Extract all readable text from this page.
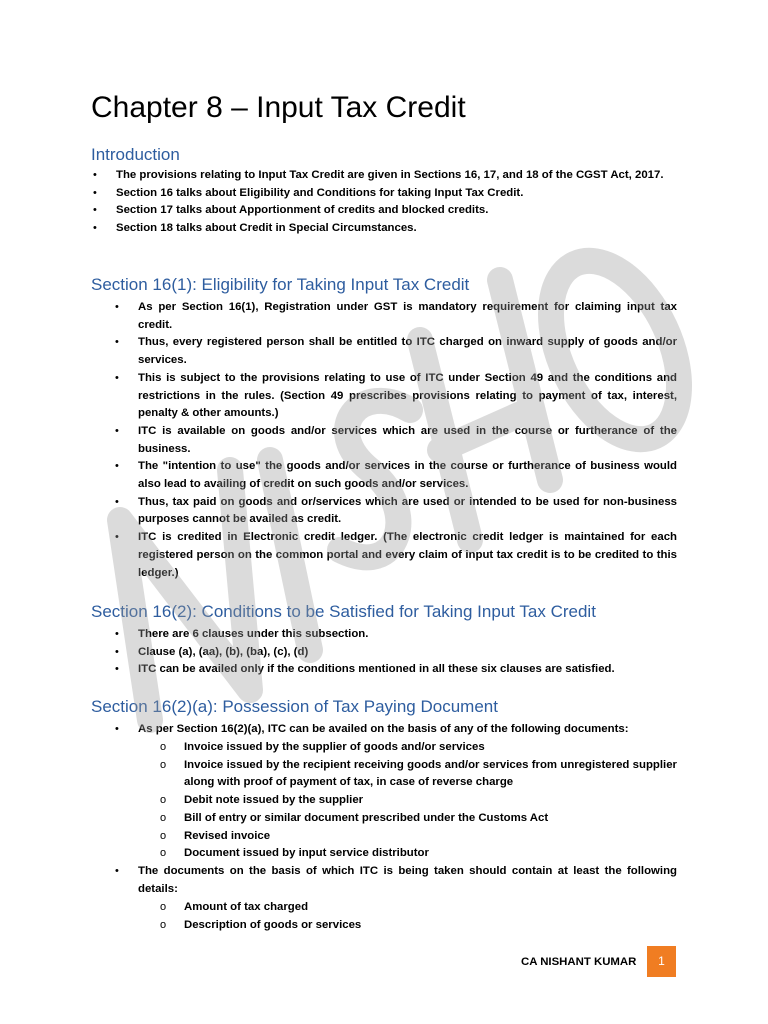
Chapter 8 – Input Tax Credit
Introduction
• The provisions relating to Input Tax Credit are given in Sections 16, 17, and 18 of the CGST Act, 2017.
• Section 16 talks about Eligibility and Conditions for taking Input Tax Credit.
• Section 17 talks about Apportionment of credits and blocked credits.
• Section 18 talks about Credit in Special Circumstances.
Section 16(1): Eligibility for Taking Input Tax Credit
• As per Section 16(1), Registration under GST is mandatory requirement for claiming input tax credit.
• Thus, every registered person shall be entitled to ITC charged on inward supply of goods and/or services.
• This is subject to the provisions relating to use of ITC under Section 49 and the conditions and restrictions in the rules. (Section 49 prescribes provisions relating to payment of tax, interest, penalty & other amounts.)
• ITC is available on goods and/or services which are used in the course or furtherance of the business.
• The "intention to use" the goods and/or services in the course or furtherance of business would also lead to availing of credit on such goods and/or services.
• Thus, tax paid on goods and or/services which are used or intended to be used for non-business purposes cannot be availed as credit.
• ITC is credited in Electronic credit ledger. (The electronic credit ledger is maintained for each registered person on the common portal and every claim of input tax credit is to be credited to this ledger.)
Section 16(2): Conditions to be Satisfied for Taking Input Tax Credit
• There are 6 clauses under this subsection.
• Clause (a), (aa), (b), (ba), (c), (d)
• ITC can be availed only if the conditions mentioned in all these six clauses are satisfied.
Section 16(2)(a): Possession of Tax Paying Document
• As per Section 16(2)(a), ITC can be availed on the basis of any of the following documents:
o Invoice issued by the supplier of goods and/or services
o Invoice issued by the recipient receiving goods and/or services from unregistered supplier along with proof of payment of tax, in case of reverse charge
o Debit note issued by the supplier
o Bill of entry or similar document prescribed under the Customs Act
o Revised invoice
o Document issued by input service distributor
• The documents on the basis of which ITC is being taken should contain at least the following details:
o Amount of tax charged
o Description of goods or services
CA NISHANT KUMAR	1
